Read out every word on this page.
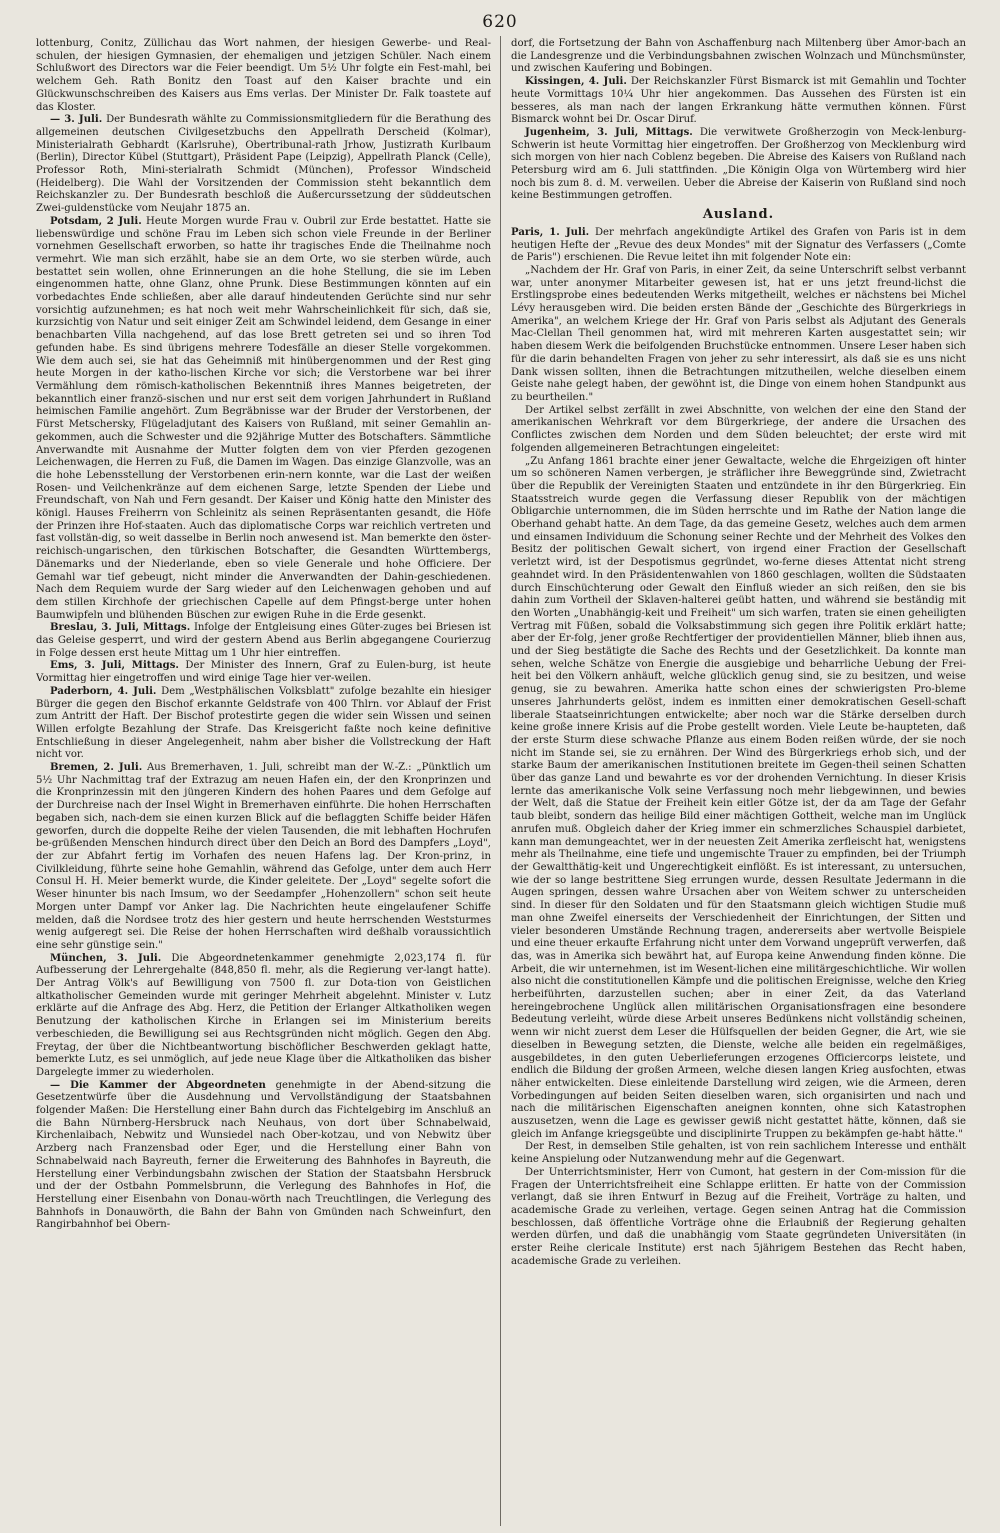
620

lottenburg, Conitz, Züllichau das Wort nahmen, der hiesigen Gewerbe- und Real-schulen, der hiesigen Gymnasien, der ehemaligen und jetzigen Schüler. Nach einem Schlußwort des Directors war die Feier beendigt. Um 5½ Uhr folgte ein Fest-mahl, bei welchem Geh. Rath Bonitz den Toast auf den Kaiser brachte und ein Glückwunschschreiben des Kaisers aus Ems verlas. Der Minister Dr. Falk toastete auf das Kloster.

— 3. Juli. Der Bundesrath wählte zu Commissionsmitgliedern für die Berathung des allgemeinen deutschen Civilgesetzbuchs den Appellrath Derscheid (Kolmar), Ministerialrath Gebhardt (Karlsruhe), Obertribunal-rath Jrhow, Justizrath Kurlbaum (Berlin), Director Kübel (Stuttgart), Präsident Pape (Leipzig), Appellrath Planck (Celle), Professor Roth, Mini-sterialrath Schmidt (München), Professor Windscheid (Heidelberg). Die Wahl der Vorsitzenden der Commission steht bekanntlich dem Reichskanzler zu. Der Bundesrath beschloß die Außercurssetzung der süddeutschen Zwei-guldenstücke vom Neujahr 1875 an.

Potsdam, 2 Juli. Heute Morgen wurde Frau v. Oubril zur Erde bestattet. Hatte sie liebenswürdige und schöne Frau im Leben sich schon viele Freunde in der Berliner vornehmen Gesellschaft erworben, so hatte ihr tragisches Ende die Theilnahme noch vermehrt. Wie man sich erzählt, habe sie an dem Orte, wo sie sterben würde, auch bestattet sein wollen, ohne Erinnerungen an die hohe Stellung, die sie im Leben eingenommen hatte, ohne Glanz, ohne Prunk. Diese Bestimmungen könnten auf ein vorbedachtes Ende schließen, aber alle darauf hindeutenden Gerüchte sind nur sehr vorsichtig aufzunehmen; es hat noch weit mehr Wahrscheinlichkeit für sich, daß sie, kurzsichtig von Natur und seit einiger Zeit am Schwindel leidend, dem Gesange in einer benachbarten Villa nachgehend, auf das lose Brett getreten sei und so ihren Tod gefunden habe. Es sind übrigens mehrere Todesfälle an dieser Stelle vorgekommen. Wie dem auch sei, sie hat das Geheimniß mit hinübergenommen und der Rest ging heute Morgen in der katho-lischen Kirche vor sich; die Verstorbene war bei ihrer Vermählung dem römisch-katholischen Bekenntniß ihres Mannes beigetreten, der bekanntlich einer franzö-sischen und nur erst seit dem vorigen Jahrhundert in Rußland heimischen Familie angehört. Zum Begräbnisse war der Bruder der Verstorbenen, der Fürst Metschersky, Flügeladjutant des Kaisers von Rußland, mit seiner Gemahlin an-gekommen, auch die Schwester und die 92jährige Mutter des Botschafters. Sämmtliche Anverwandte mit Ausnahme der Mutter folgten dem von vier Pferden gezogenen Leichenwagen, die Herren zu Fuß, die Damen im Wagen. Das einzige Glanzvolle, was an die hohe Lebensstellung der Verstorbenen erin-nern konnte, war die Last der weißen Rosen- und Veilchenkränze auf dem eichenen Sarge, letzte Spenden der Liebe und Freundschaft, von Nah und Fern gesandt. Der Kaiser und König hatte den Minister des königl. Hauses Freiherrn von Schleinitz als seinen Repräsentanten gesandt, die Höfe der Prinzen ihre Hof-staaten. Auch das diplomatische Corps war reichlich vertreten und fast vollstän-dig, so weit dasselbe in Berlin noch anwesend ist. Man bemerkte den öster-reichisch-ungarischen, den türkischen Botschafter, die Gesandten Württembergs, Dänemarks und der Niederlande, eben so viele Generale und hohe Officiere. Der Gemahl war tief gebeugt, nicht minder die Anverwandten der Dahin-geschiedenen. Nach dem Requiem wurde der Sarg wieder auf den Leichenwagen gehoben und auf dem stillen Kirchhofe der griechischen Capelle auf dem Pfingst-berge unter hohen Baumwipfeln und blühenden Büschen zur ewigen Ruhe in die Erde gesenkt.

Breslau, 3. Juli, Mittags. Infolge der Entgleisung eines Güter-zuges bei Briesen ist das Geleise gesperrt, und wird der gestern Abend aus Berlin abgegangene Courierzug in Folge dessen erst heute Mittag um 1 Uhr hier eintreffen.

Ems, 3. Juli, Mittags. Der Minister des Innern, Graf zu Eulen-burg, ist heute Vormittag hier eingetroffen und wird einige Tage hier ver-weilen.

Paderborn, 4. Juli. Dem „Westphälischen Volksblatt" zufolge bezahlte ein hiesiger Bürger die gegen den Bischof erkannte Geldstrafe von 400 Thlrn. vor Ablauf der Frist zum Antritt der Haft. Der Bischof protestirte gegen die wider sein Wissen und seinen Willen erfolgte Bezahlung der Strafe. Das Kreisgericht faßte noch keine definitive Entschließung in dieser Angelegenheit, nahm aber bisher die Vollstreckung der Haft nicht vor.

Bremen, 2. Juli. Aus Bremerhaven, 1. Juli, schreibt man der W.-Z.: „Pünktlich um 5½ Uhr Nachmittag traf der Extrazug am neuen Hafen ein, der den Kronprinzen und die Kronprinzessin mit den jüngeren Kindern des hohen Paares und dem Gefolge auf der Durchreise nach der Insel Wight in Bremerhaven einführte. Die hohen Herrschaften begaben sich, nach-dem sie einen kurzen Blick auf die beflaggten Schiffe beider Häfen geworfen, durch die doppelte Reihe der vielen Tausenden, die mit lebhaften Hochrufen be-grüßenden Menschen hindurch direct über den Deich an Bord des Dampfers „Loyd", der zur Abfahrt fertig im Vorhafen des neuen Hafens lag. Der Kron-prinz, in Civilkleidung, führte seine hohe Gemahlin, während das Gefolge, unter dem auch Herr Consul H. H. Meier bemerkt wurde, die Kinder geleitete. Der „Loyd" segelte sofort die Weser hinunter bis nach Imsum, wo der Seedampfer „Hohenzollern" schon seit heute Morgen unter Dampf vor Anker lag. Die Nachrichten heute eingelaufener Schiffe melden, daß die Nordsee trotz des hier gestern und heute herrschenden Weststurmes wenig aufgeregt sei. Die Reise der hohen Herrschaften wird deßhalb voraussichtlich eine sehr günstige sein."

München, 3. Juli. Die Abgeordnetenkammer genehmigte 2,023,174 fl. für Aufbesserung der Lehrergehalte (848,850 fl. mehr, als die Regierung ver-langt hatte). Der Antrag Völk's auf Bewilligung von 7500 fl. zur Dota-tion von Geistlichen altkatholischer Gemeinden wurde mit geringer Mehrheit abgelehnt. Minister v. Lutz erklärte auf die Anfrage des Abg. Herz, die Petition der Erlanger Altkatholiken wegen Benutzung der katholischen Kirche in Erlangen sei im Ministerium bereits verbeschieden, die Bewilligung sei aus Rechtsgründen nicht möglich. Gegen den Abg. Freytag, der über die Nichtbeantwortung bischöflicher Beschwerden geklagt hatte, bemerkte Lutz, es sei unmöglich, auf jede neue Klage über die Altkatholiken das bisher Dargelegte immer zu wiederholen.

— Die Kammer der Abgeordneten genehmigte in der Abend-sitzung die Gesetzentwürfe über die Ausdehnung und Vervollständigung der Staatsbahnen folgender Maßen: Die Herstellung einer Bahn durch das Fichtelgebirg im Anschluß an die Bahn Nürnberg-Hersbruck nach Neuhaus, von dort über Schnabelwaid, Kirchenlaibach, Nebwitz und Wunsiedel nach Ober-kotzau, und von Nebwitz über Arzberg nach Franzensbad oder Eger, und die Herstellung einer Bahn von Schnabelwaid nach Bayreuth, ferner die Erweiterung des Bahnhofes in Bayreuth, die Herstellung einer Verbindungsbahn zwischen der Station der Staatsbahn Hersbruck und der der Ostbahn Pommelsbrunn, die Verlegung des Bahnhofes in Hof, die Herstellung einer Eisenbahn von Donau-wörth nach Treuchtlingen, die Verlegung des Bahnhofs in Donauwörth, die Bahn der Bahn von Gmünden nach Schweinfurt, den Rangirbahnhof bei Obern-

dorf, die Fortsetzung der Bahn von Aschaffenburg nach Miltenberg über Amor-bach an die Landesgrenze und die Verbindungsbahnen zwischen Wolnzach und Münchsmünster, und zwischen Kaufering und Bobingen.

Kissingen, 4. Juli. Der Reichskanzler Fürst Bismarck ist mit Gemahlin und Tochter heute Vormittags 10¼ Uhr hier angekommen. Das Aussehen des Fürsten ist ein besseres, als man nach der langen Erkrankung hätte vermuthen können. Fürst Bismarck wohnt bei Dr. Oscar Diruf.

Jugenheim, 3. Juli, Mittags. Die verwitwete Großherzogin von Meck-lenburg-Schwerin ist heute Vormittag hier eingetroffen. Der Großherzog von Mecklenburg wird sich morgen von hier nach Coblenz begeben. Die Abreise des Kaisers von Rußland nach Petersburg wird am 6. Juli stattfinden. „Die Königin Olga von Würtemberg wird hier noch bis zum 8. d. M. verweilen. Ueber die Abreise der Kaiserin von Rußland sind noch keine Bestimmungen getroffen.

Ausland.

Paris, 1. Juli. Der mehrfach angekündigte Artikel des Grafen von Paris ist in dem heutigen Hefte der „Revue des deux Mondes" mit der Signatur des Verfassers („Comte de Paris") erschienen. Die Revue leitet ihn mit folgender Note ein:

„Nachdem der Hr. Graf von Paris, in einer Zeit, da seine Unterschrift selbst verbannt war, unter anonymer Mitarbeiter gewesen ist, hat er uns jetzt freund-lichst die Erstlingsprobe eines bedeutenden Werks mitgetheilt, welches er nächstens bei Michel Lévy herausgeben wird. Die beiden ersten Bände der „Geschichte des Bürgerkriegs in Amerika", an welchem Kriege der Hr. Graf von Paris selbst als Adjutant des Generals Mac-Clellan Theil genommen hat, wird mit mehreren Karten ausgestattet sein; wir haben diesem Werk die beifolgenden Bruchstücke entnommen. Unsere Leser haben sich für die darin behandelten Fragen von jeher zu sehr interessirt, als daß sie es uns nicht Dank wissen sollten, ihnen die Betrachtungen mitzutheilen, welche dieselben einem Geiste nahe gelegt haben, der gewöhnt ist, die Dinge von einem hohen Standpunkt aus zu beurtheilen."

Der Artikel selbst zerfällt in zwei Abschnitte, von welchen der eine den Stand der amerikanischen Wehrkraft vor dem Bürgerkriege, der andere die Ursachen des Conflictes zwischen dem Norden und dem Süden beleuchtet; der erste wird mit folgenden allgemeineren Betrachtungen eingeleitet:

„Zu Anfang 1861 brachte einer jener Gewaltacte, welche die Ehrgeizigen oft hinter um so schöneren Namen verbergen, je sträflicher ihre Beweggründe sind, Zwietracht über die Republik der Vereinigten Staaten und entzündete in ihr den Bürgerkrieg. Ein Staatsstreich wurde gegen die Verfassung dieser Republik von der mächtigen Obligarchie unternommen, die im Süden herrschte und im Rathe der Nation lange die Oberhand gehabt hatte. An dem Tage, da das gemeine Gesetz, welches auch dem armen und einsamen Individuum die Schonung seiner Rechte und der Mehrheit des Volkes den Besitz der politischen Gewalt sichert, von irgend einer Fraction der Gesellschaft verletzt wird, ist der Despotismus gegründet, wo-ferne dieses Attentat nicht streng geahndet wird. In den Präsidentenwahlen von 1860 geschlagen, wollten die Südstaaten durch Einschüchterung oder Gewalt den Einfluß wieder an sich reißen, den sie bis dahin zum Vortheil der Sklaven-halterei geübt hatten, und während sie beständig mit den Worten „Unabhängig-keit und Freiheit" um sich warfen, traten sie einen geheiligten Vertrag mit Füßen, sobald die Volksabstimmung sich gegen ihre Politik erklärt hatte; aber der Er-folg, jener große Rechtfertiger der providentiellen Männer, blieb ihnen aus, und der Sieg bestätigte die Sache des Rechts und der Gesetzlichkeit. Da konnte man sehen, welche Schätze von Energie die ausgiebige und beharrliche Uebung der Frei-heit bei den Völkern anhäuft, welche glücklich genug sind, sie zu besitzen, und weise genug, sie zu bewahren. Amerika hatte schon eines der schwierigsten Pro-bleme unseres Jahrhunderts gelöst, indem es inmitten einer demokratischen Gesell-schaft liberale Staatseinrichtungen entwickelte; aber noch war die Stärke derselben durch keine große innere Krisis auf die Probe gestellt worden. Viele Leute be-haupteten, daß der erste Sturm diese schwache Pflanze aus einem Boden reißen würde, der sie noch nicht im Stande sei, sie zu ernähren. Der Wind des Bürgerkriegs erhob sich, und der starke Baum der amerikanischen Institutionen breitete im Gegen-theil seinen Schatten über das ganze Land und bewahrte es vor der drohenden Vernichtung. In dieser Krisis lernte das amerikanische Volk seine Verfassung noch mehr liebgewinnen, und bewies der Welt, daß die Statue der Freiheit kein eitler Götze ist, der da am Tage der Gefahr taub bleibt, sondern das heilige Bild einer mächtigen Gottheit, welche man im Unglück anrufen muß. Obgleich daher der Krieg immer ein schmerzliches Schauspiel darbietet, kann man demungeachtet, wer in der neuesten Zeit Amerika zerfleischt hat, wenigstens mehr als Theilnahme, eine tiefe und ungemischte Trauer zu empfinden, bei der Triumph der Gewaltthätig-keit und Ungerechtigkeit einflößt. Es ist interessant, zu untersuchen, wie der so lange bestrittene Sieg errungen wurde, dessen Resultate Jedermann in die Augen springen, dessen wahre Ursachen aber von Weitem schwer zu unterscheiden sind. In dieser für den Soldaten und für den Staatsmann gleich wichtigen Studie muß man ohne Zweifel einerseits der Verschiedenheit der Einrichtungen, der Sitten und vieler besonderen Umstände Rechnung tragen, andererseits aber wertvolle Beispiele und eine theuer erkaufte Erfahrung nicht unter dem Vorwand ungeprüft verwerfen, daß das, was in Amerika sich bewährt hat, auf Europa keine Anwendung finden könne. Die Arbeit, die wir unternehmen, ist im Wesent-lichen eine militärgeschichtliche. Wir wollen also nicht die constitutionellen Kämpfe und die politischen Ereignisse, welche den Krieg herbeiführten, darzustellen suchen; aber in einer Zeit, da das Vaterland hereingebrochene Unglück allen militärischen Organisationsfragen eine besondere Bedeutung verleiht, würde diese Arbeit unseres Bedünkens nicht vollständig scheinen, wenn wir nicht zuerst dem Leser die Hülfsquellen der beiden Gegner, die Art, wie sie dieselben in Bewegung setzten, die Dienste, welche alle beiden ein regelmäßiges, ausgebildetes, in den guten Ueberlieferungen erzogenes Officiercorps leistete, und endlich die Bildung der großen Armeen, welche diesen langen Krieg ausfochten, etwas näher entwickelten. Diese einleitende Darstellung wird zeigen, wie die Armeen, deren Vorbedingungen auf beiden Seiten dieselben waren, sich organisirten und nach und nach die militärischen Eigenschaften aneignen konnten, ohne sich Katastrophen auszusetzen, wenn die Lage es gewisser gewiß nicht gestattet hätte, können, daß sie gleich im Anfange kriegsgeübte und disciplinirte Truppen zu bekämpfen ge-habt hätte."

Der Rest, in demselben Stile gehalten, ist von rein sachlichem Interesse und enthält keine Anspielung oder Nutzanwendung mehr auf die Gegenwart.

Der Unterrichtsminister, Herr von Cumont, hat gestern in der Com-mission für die Fragen der Unterrichtsfreiheit eine Schlappe erlitten. Er hatte von der Commission verlangt, daß sie ihren Entwurf in Bezug auf die Freiheit, Vorträge zu halten, und academische Grade zu verleihen, vertage. Gegen seinen Antrag hat die Commission beschlossen, daß öffentliche Vorträge ohne die Erlaubniß der Regierung gehalten werden dürfen, und daß die unabhängig vom Staate gegründeten Universitäten (in erster Reihe clericale Institute) erst nach 5jährigem Bestehen das Recht haben, academische Grade zu verleihen.
